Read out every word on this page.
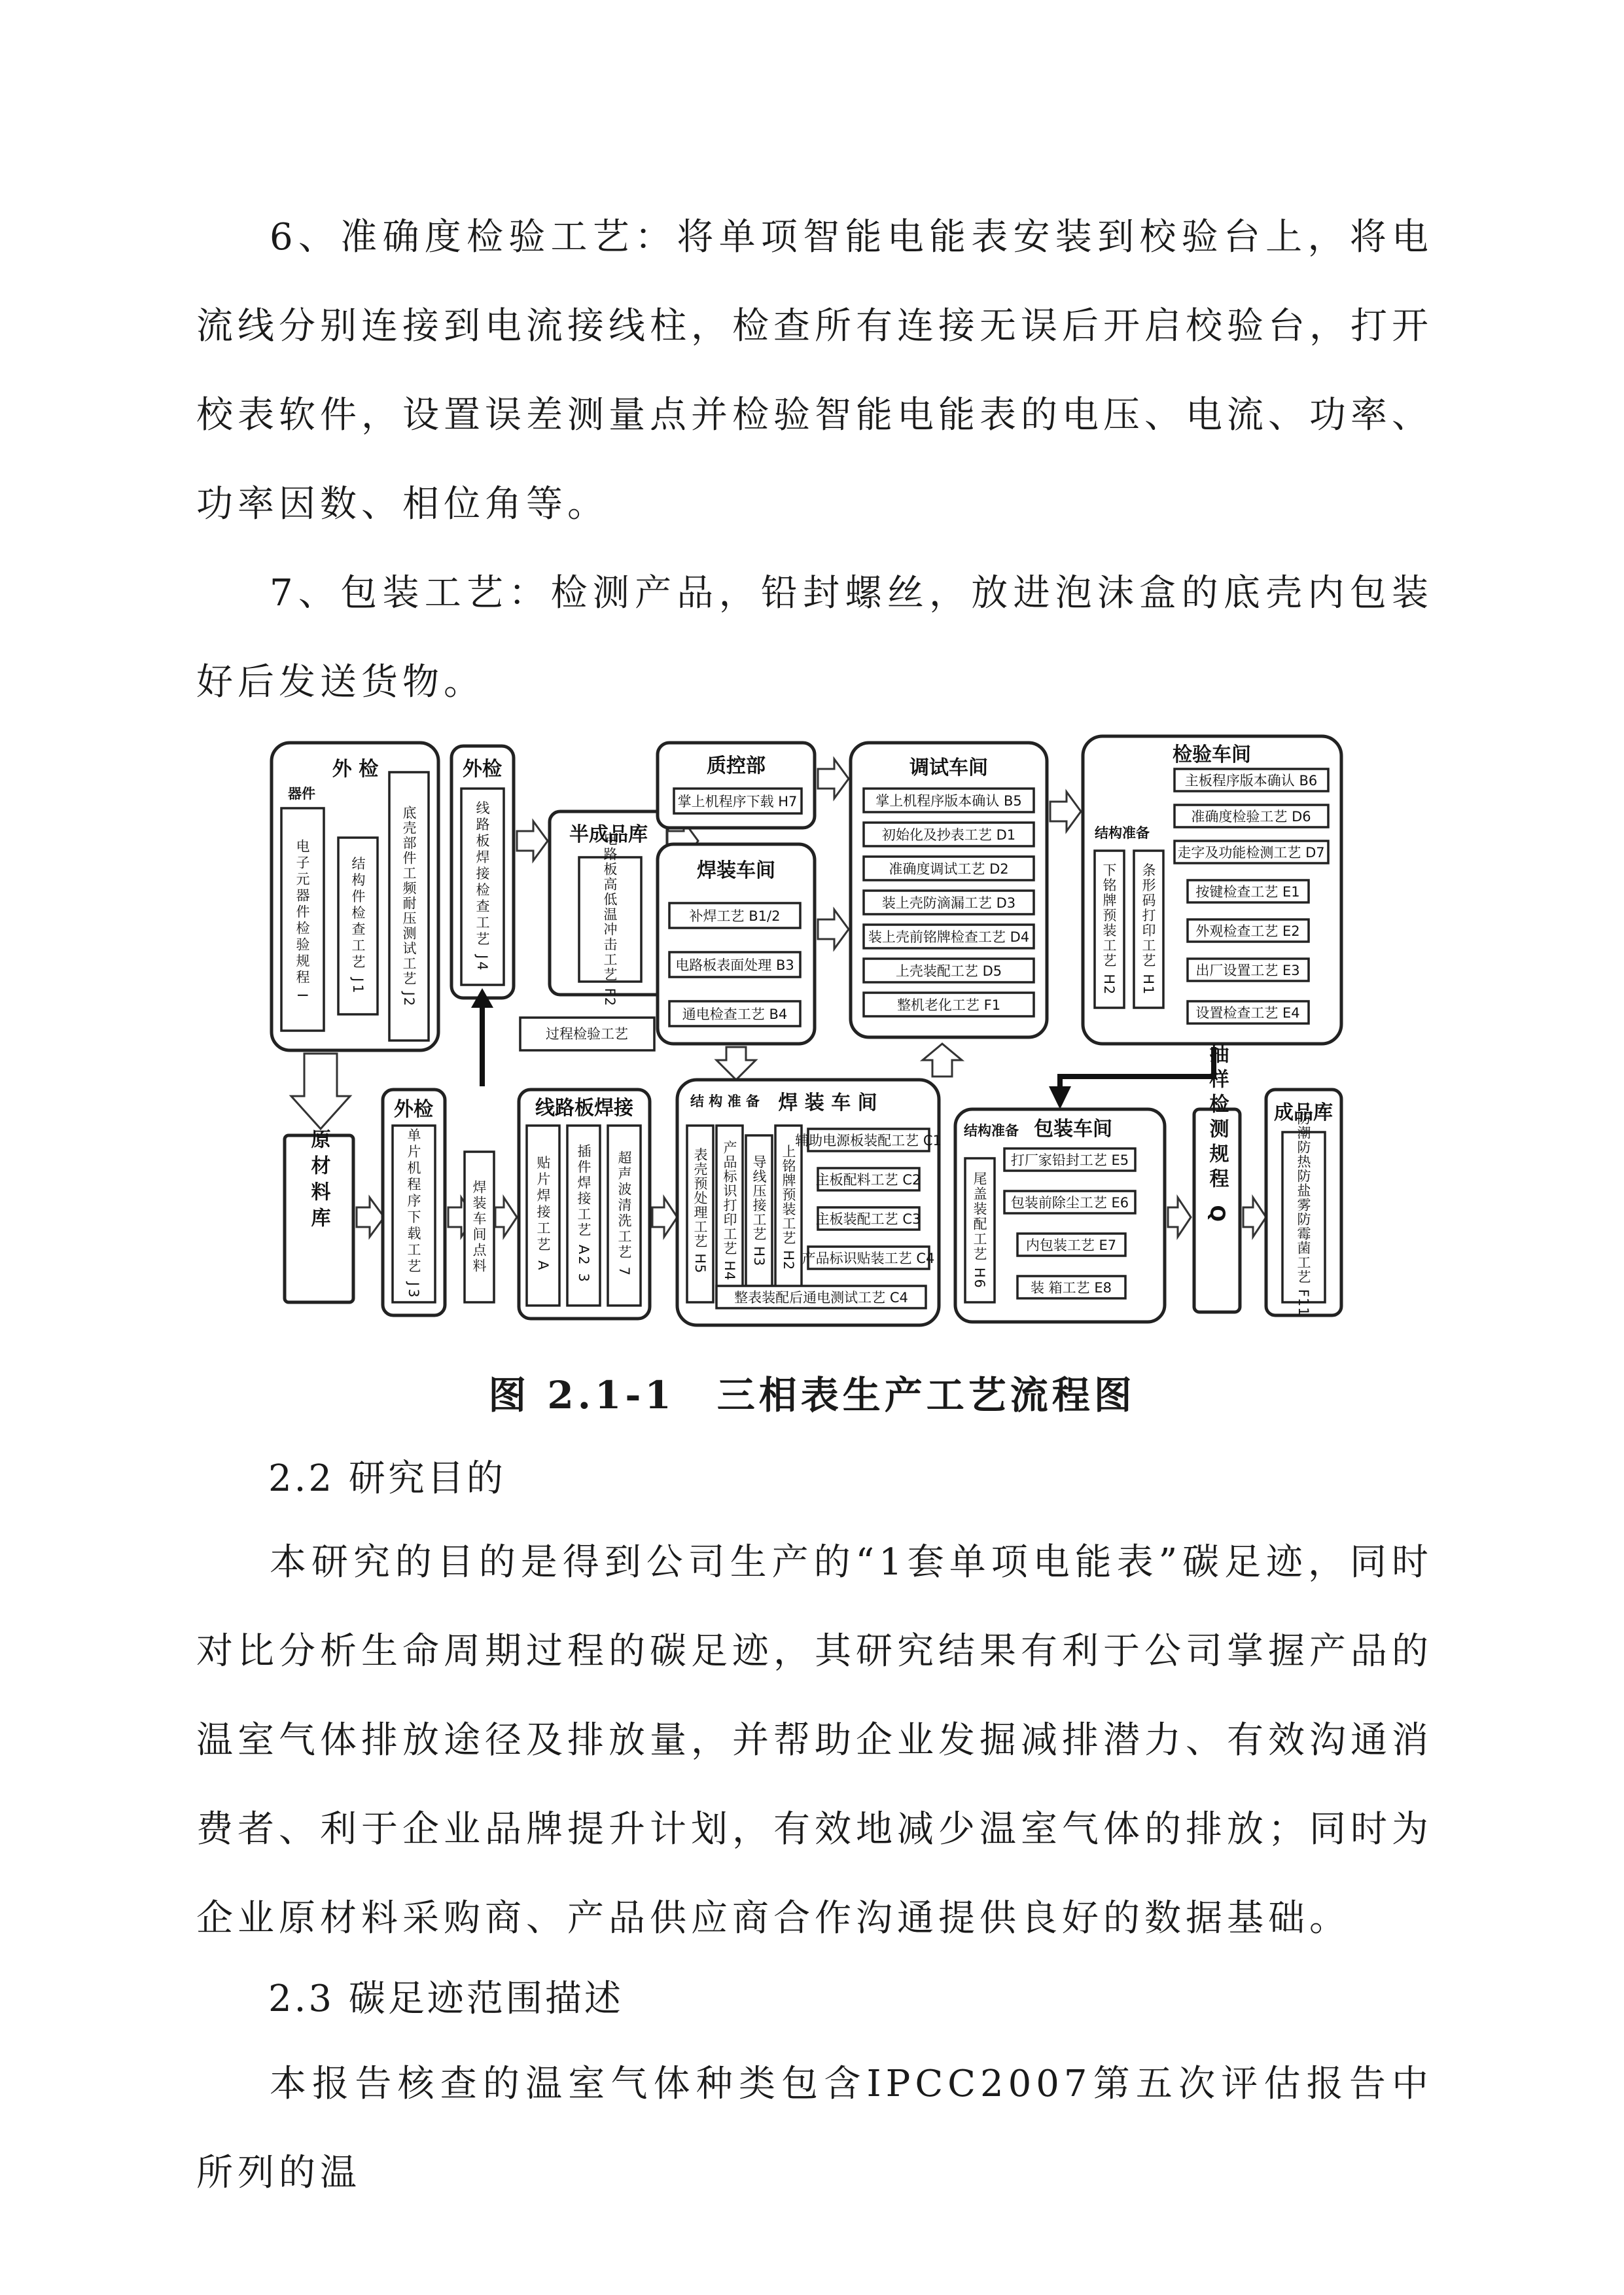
6、准确度检验工艺：将单项智能电能表安装到校验台上，将电流线分别连接到电流接线柱，检查所有连接无误后开启校验台，打开校表软件，设置误差测量点并检验智能电能表的电压、电流、功率、功率因数、相位角等。

7、包装工艺：检测产品，铅封螺丝，放进泡沫盒的底壳内包装好后发送货物。

外 检
器件
电子元器件检验规程 I	结构件检查工艺 J1	底壳部件工频耐压测试工艺 J2
外检
线路板焊接检查工艺 J4	半成品库
电路板高低温冲击工艺 F2
过程检验工艺
质控部
掌上机程序下载 H7
焊装车间
补焊工艺 B1/2
电路板表面处理 B3
通电检查工艺 B4
调试车间
掌上机程序版本确认 B5
初始化及抄表工艺 D1
准确度调试工艺 D2
装上壳防滴漏工艺 D3
装上壳前铭牌检查工艺 D4
上壳装配工艺 D5
整机老化工艺 F1
检验车间
结构准备
下铭牌预装工艺 H2 条形码打印工艺 H1
主板程序版本确认 B6
准确度检验工艺 D6
走字及功能检测工艺 D7
按键检查工艺 E1
外观检查工艺 E2
出厂设置工艺 E3
设置检查工艺 E4
原材料库
外检
单片机程序下载工艺 J3	焊装车间点料
线路板焊接
贴片焊接工艺 A 插件焊接工艺 A2 3 超声波清洗工艺 7
焊 装 车 间
结 构 准 备
表壳预处理工艺 H5 产品标识打印工艺 H4 导线压接工艺 H3 上铭牌预装工艺 H2
辅助电源板装配工艺 C1
主板配料工艺 C2
主板装配工艺 C3
产品标识贴装工艺 C4
整表装配后通电测试工艺 C4
包装车间
结构准备
尾盖装配工艺 H6
打厂家铅封工艺 E5
包装前除尘工艺 E6
内包装工艺 E7
装 箱工艺 E8
抽样检测规程 Q 成品库
防潮防热防盐雾防霉菌工艺 F11

图 2.1-1　三相表生产工艺流程图

2.2 研究目的

本研究的目的是得到公司生产的“1套单项电能表”碳足迹，同时对比分析生命周期过程的碳足迹，其研究结果有利于公司掌握产品的温室气体排放途径及排放量，并帮助企业发掘减排潜力、有效沟通消费者、利于企业品牌提升计划，有效地减少温室气体的排放；同时为企业原材料采购商、产品供应商合作沟通提供良好的数据基础。

2.3 碳足迹范围描述

本报告核查的温室气体种类包含IPCC2007第五次评估报告中所列的温
